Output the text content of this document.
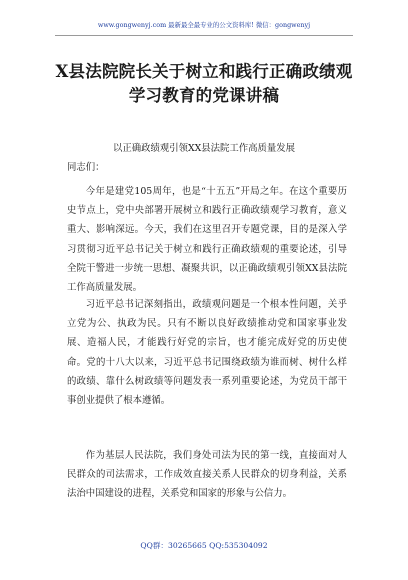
www.gongwenyj.com 最新最全最专业的公文资料库! 微信：gongwenyj
X县法院院长关于树立和践行正确政绩观
学习教育的党课讲稿
以正确政绩观引领XX县法院工作高质量发展
同志们：

今年是建党105周年，也是“十五五”开局之年。在这个重要历史节点上，党中央部署开展树立和践行正确政绩观学习教育，意义重大、影响深远。今天，我们在这里召开专题党课，目的是深入学习贯彻习近平总书记关于树立和践行正确政绩观的重要论述，引导全院干警进一步统一思想、凝聚共识，以正确政绩观引领XX县法院工作高质量发展。

习近平总书记深刻指出，政绩观问题是一个根本性问题，关乎立党为公、执政为民。只有不断以良好政绩推动党和国家事业发展、造福人民，才能践行好党的宗旨，也才能完成好党的历史使命。党的十八大以来，习近平总书记围绕政绩为谁而树、树什么样的政绩、靠什么树政绩等问题发表一系列重要论述，为党员干部干事创业提供了根本遵循。

作为基层人民法院，我们身处司法为民的第一线，直接面对人民群众的司法需求，工作成效直接关系人民群众的切身利益，关系法治中国建设的进程，关系党和国家的形象与公信力。

QQ群：30265665 QQ:535304092
